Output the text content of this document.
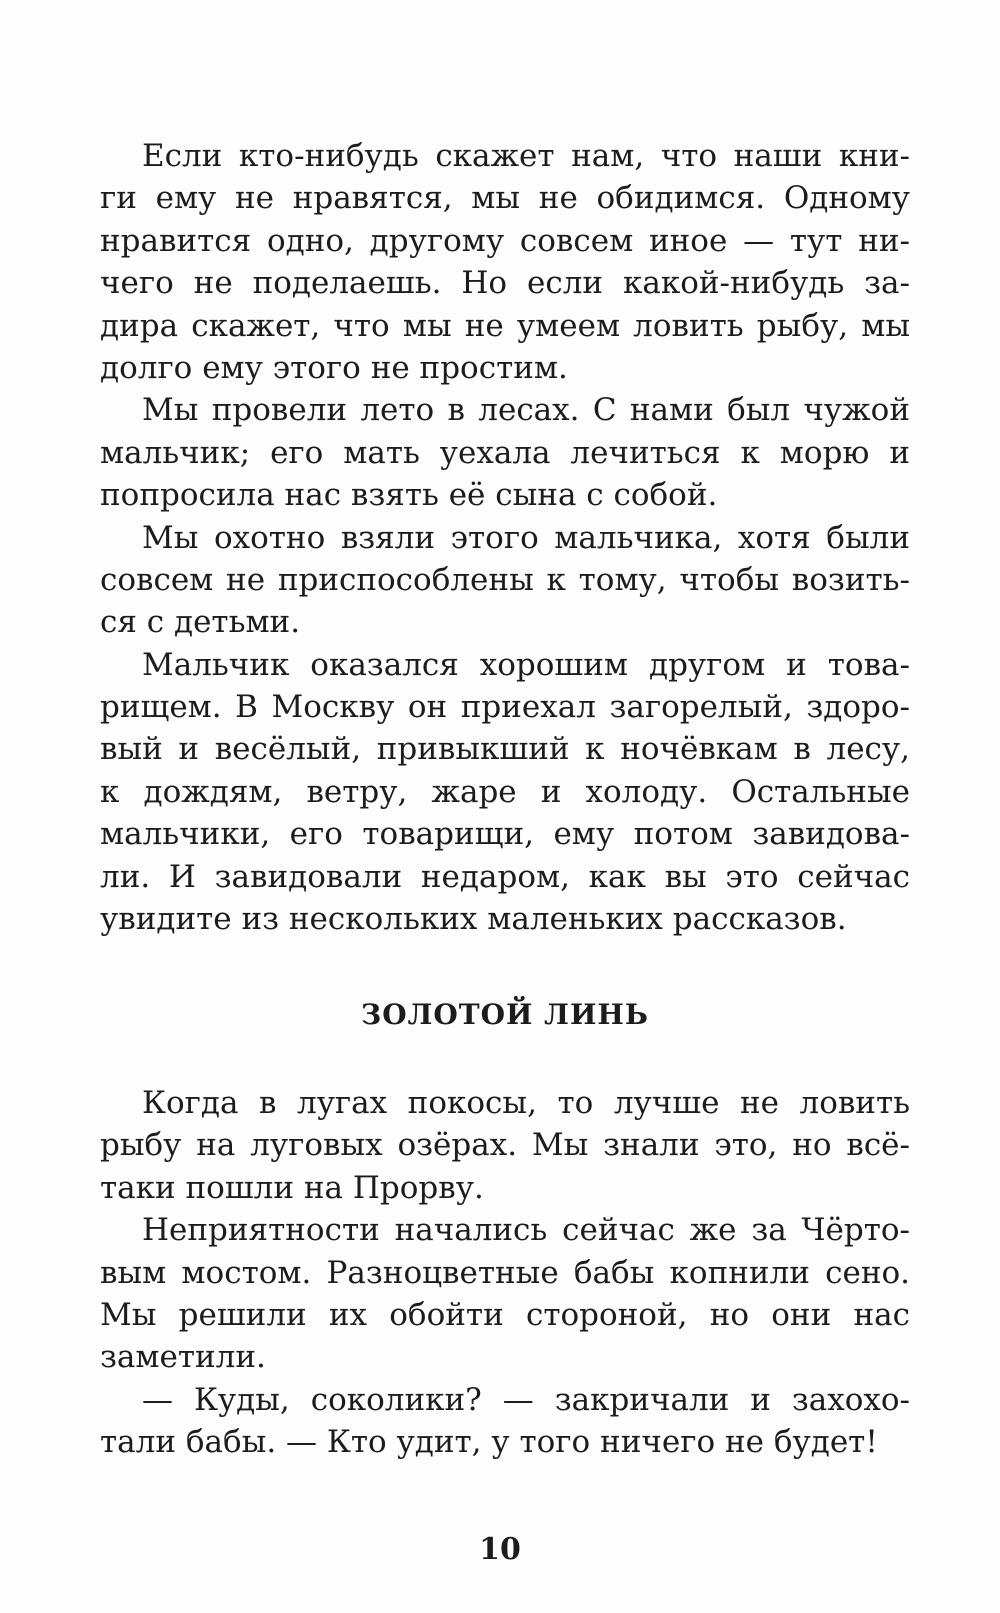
Если кто-нибудь скажет нам, что наши кни-
ги ему не нравятся, мы не обидимся. Одному
нравится одно, другому совсем иное — тут ни-
чего не поделаешь. Но если какой-нибудь за-
дира скажет, что мы не умеем ловить рыбу, мы
долго ему этого не простим.
Мы провели лето в лесах. С нами был чужой
мальчик; его мать уехала лечиться к морю и
попросила нас взять её сына с собой.
Мы охотно взяли этого мальчика, хотя были
совсем не приспособлены к тому, чтобы возить-
ся с детьми.
Мальчик оказался хорошим другом и това-
рищем. В Москву он приехал загорелый, здоро-
вый и весёлый, привыкший к ночёвкам в лесу,
к дождям, ветру, жаре и холоду. Остальные
мальчики, его товарищи, ему потом завидова-
ли. И завидовали недаром, как вы это сейчас
увидите из нескольких маленьких рассказов.
ЗОЛОТОЙ ЛИНЬ
Когда в лугах покосы, то лучше не ловить
рыбу на луговых озёрах. Мы знали это, но всё-
таки пошли на Прорву.
Неприятности начались сейчас же за Чёрто-
вым мостом. Разноцветные бабы копнили сено.
Мы решили их обойти стороной, но они нас
заметили.
— Куды, соколики? — закричали и захохо-
тали бабы. — Кто удит, у того ничего не будет!
10
